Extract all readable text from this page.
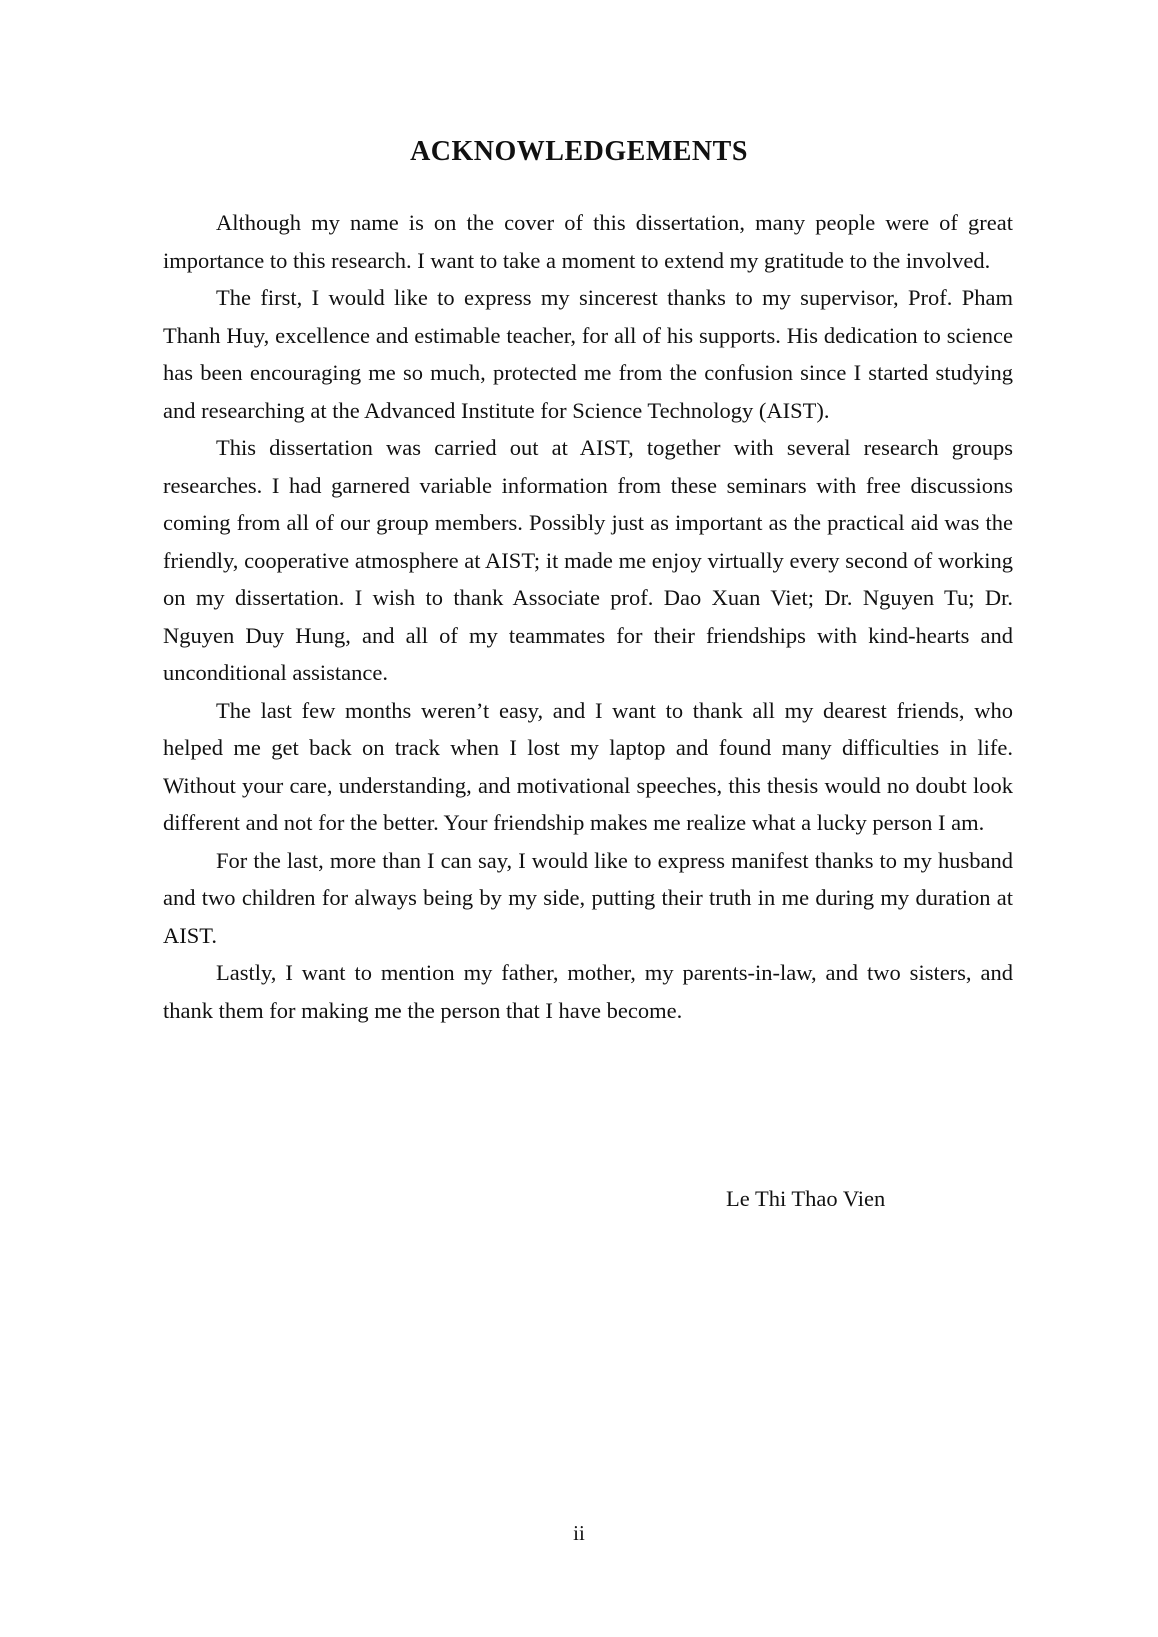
ACKNOWLEDGEMENTS

Although my name is on the cover of this dissertation, many people were of great importance to this research. I want to take a moment to extend my gratitude to the involved.

The first, I would like to express my sincerest thanks to my supervisor, Prof. Pham Thanh Huy, excellence and estimable teacher, for all of his supports. His dedication to science has been encouraging me so much, protected me from the confusion since I started studying and researching at the Advanced Institute for Science Technology (AIST).

This dissertation was carried out at AIST, together with several research groups researches. I had garnered variable information from these seminars with free discussions coming from all of our group members. Possibly just as important as the practical aid was the friendly, cooperative atmosphere at AIST; it made me enjoy virtually every second of working on my dissertation. I wish to thank Associate prof. Dao Xuan Viet; Dr. Nguyen Tu; Dr. Nguyen Duy Hung, and all of my teammates for their friendships with kind-hearts and unconditional assistance.

The last few months weren’t easy, and I want to thank all my dearest friends, who helped me get back on track when I lost my laptop and found many difficulties in life. Without your care, understanding, and motivational speeches, this thesis would no doubt look different and not for the better. Your friendship makes me realize what a lucky person I am.

For the last, more than I can say, I would like to express manifest thanks to my husband and two children for always being by my side, putting their truth in me during my duration at AIST.

Lastly, I want to mention my father, mother, my parents-in-law, and two sisters, and thank them for making me the person that I have become.

Le Thi Thao Vien

ii
